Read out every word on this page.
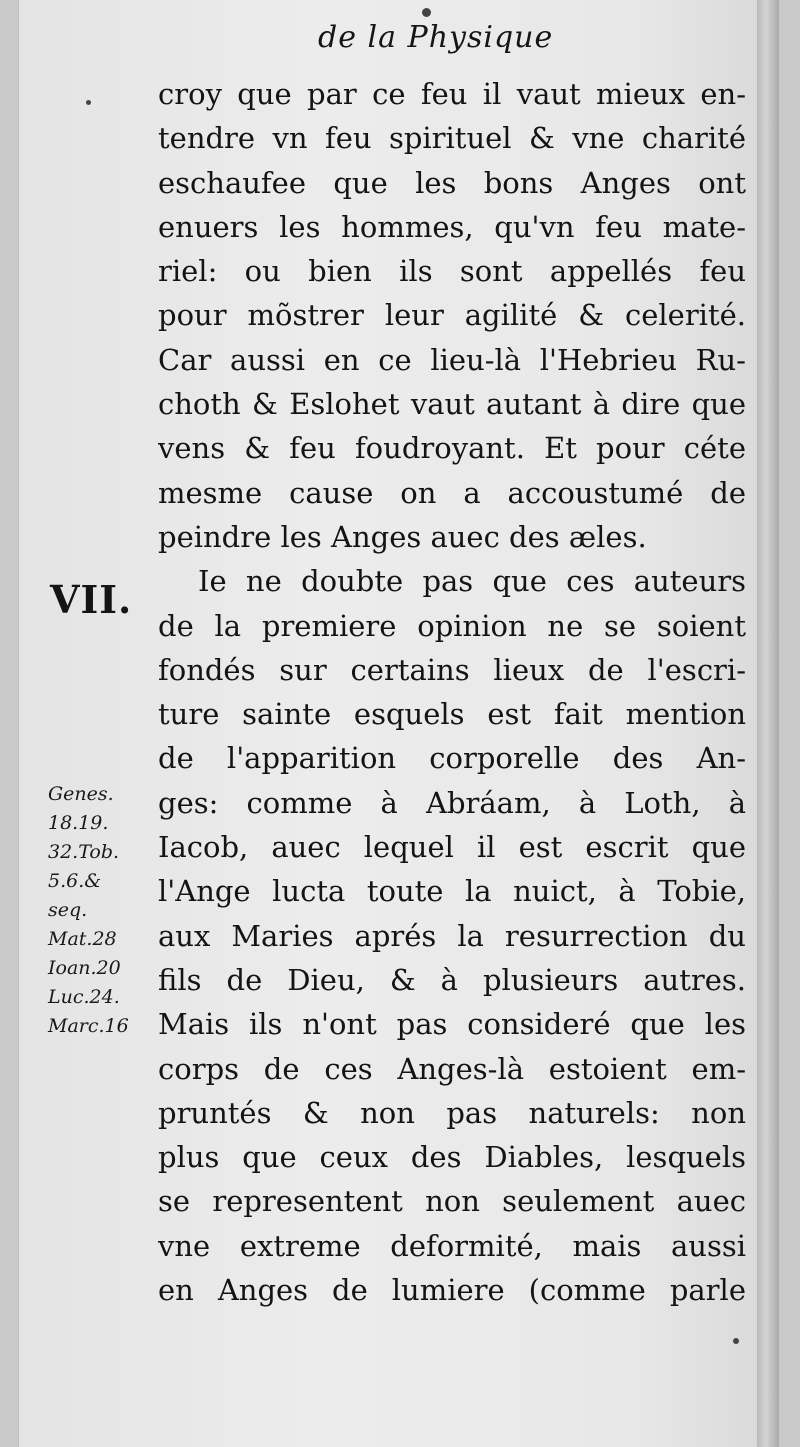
de la Physique
VII.
croy que par ce feu il vaut mieux en-
tendre vn feu spirituel & vne charité
eschaufee que les bons Anges ont
enuers les hommes, qu'vn feu mate-
riel: ou bien ils sont appellés feu
pour mõstrer leur agilité & celerité.
Car aussi en ce lieu-là l'Hebrieu Ru-
choth & Eslohet vaut autant à dire que
vens & feu foudroyant. Et pour céte
mesme cause on a accoustumé de
peindre les Anges auec des æles.
Ie ne doubte pas que ces auteurs
de la premiere opinion ne se soient
fondés sur certains lieux de l'escri-
ture sainte esquels est fait mention
de l'apparition corporelle des An-
ges: comme à Abráam, à Loth, à
Iacob, auec lequel il est escrit que
l'Ange lucta toute la nuict, à Tobie,
aux Maries aprés la resurrection du
fils de Dieu, & à plusieurs autres.
Mais ils n'ont pas consideré que les
corps de ces Anges-là estoient em-
pruntés & non pas naturels: non
plus que ceux des Diables, lesquels
se representent non seulement auec
vne extreme deformité, mais aussi
en Anges de lumiere (comme parle
Genes.
18.19.
32.Tob.
5.6.&
seq.
Mat.28
Ioan.20
Luc.24.
Marc.16
